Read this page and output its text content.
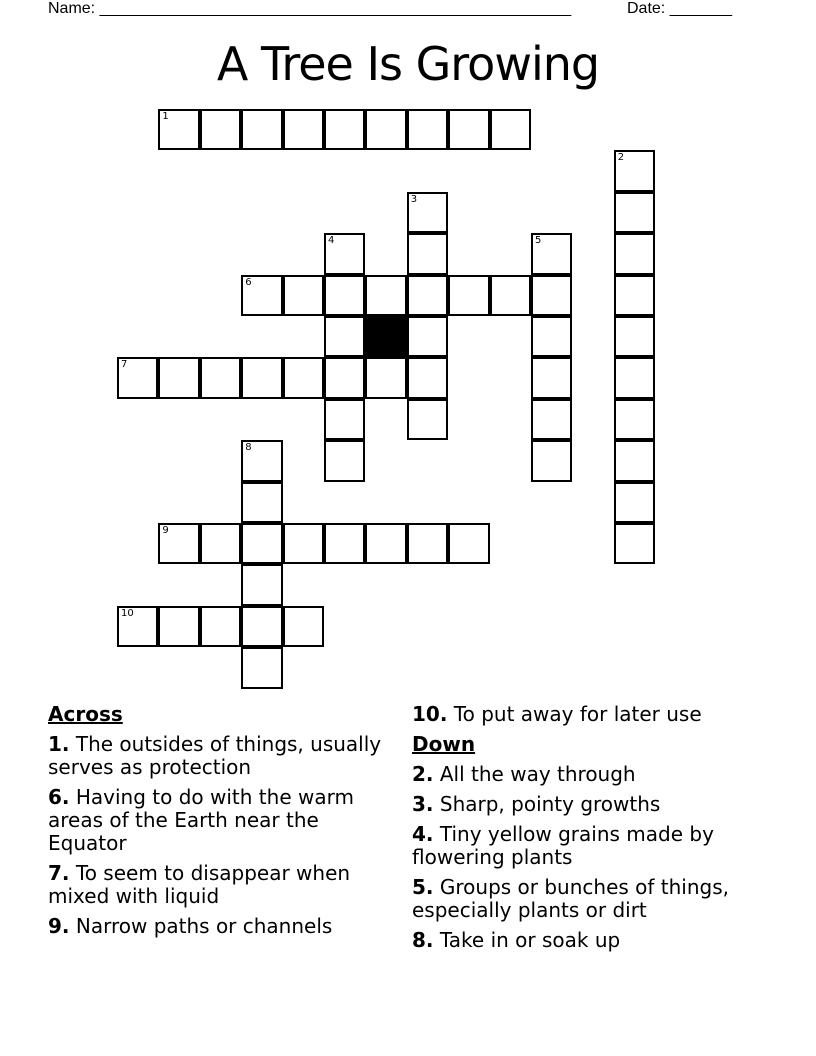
Name: _____________________________________________________	Date: _______
A Tree Is Growing
1
2
3
4	5
6
7
8
9
10
Across
1. The outsides of things, usually serves as protection
6. Having to do with the warm areas of the Earth near the Equator
7. To seem to disappear when mixed with liquid
9. Narrow paths or channels
10. To put away for later use
Down
2. All the way through
3. Sharp, pointy growths
4. Tiny yellow grains made by flowering plants
5. Groups or bunches of things, especially plants or dirt
8. Take in or soak up
